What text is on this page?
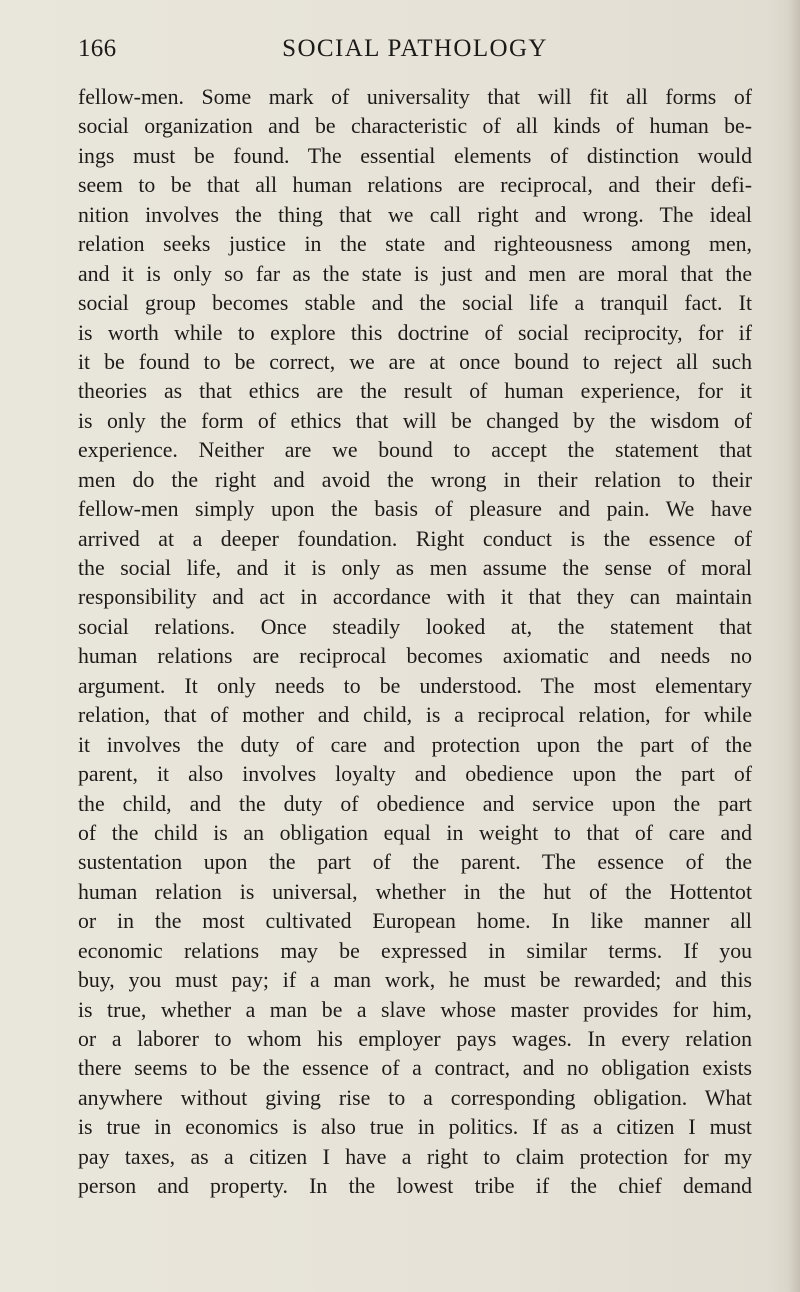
166	SOCIAL PATHOLOGY
fellow-men. Some mark of universality that will fit all forms of
social organization and be characteristic of all kinds of human be-
ings must be found. The essential elements of distinction would
seem to be that all human relations are reciprocal, and their defi-
nition involves the thing that we call right and wrong. The ideal
relation seeks justice in the state and righteousness among men,
and it is only so far as the state is just and men are moral that the
social group becomes stable and the social life a tranquil fact. It
is worth while to explore this doctrine of social reciprocity, for if
it be found to be correct, we are at once bound to reject all such
theories as that ethics are the result of human experience, for it
is only the form of ethics that will be changed by the wisdom of
experience. Neither are we bound to accept the statement that
men do the right and avoid the wrong in their relation to their
fellow-men simply upon the basis of pleasure and pain. We have
arrived at a deeper foundation. Right conduct is the essence of
the social life, and it is only as men assume the sense of moral
responsibility and act in accordance with it that they can maintain
social relations. Once steadily looked at, the statement that
human relations are reciprocal becomes axiomatic and needs no
argument. It only needs to be understood. The most elementary
relation, that of mother and child, is a reciprocal relation, for while
it involves the duty of care and protection upon the part of the
parent, it also involves loyalty and obedience upon the part of
the child, and the duty of obedience and service upon the part
of the child is an obligation equal in weight to that of care and
sustentation upon the part of the parent. The essence of the
human relation is universal, whether in the hut of the Hottentot
or in the most cultivated European home. In like manner all
economic relations may be expressed in similar terms. If you
buy, you must pay; if a man work, he must be rewarded; and this
is true, whether a man be a slave whose master provides for him,
or a laborer to whom his employer pays wages. In every relation
there seems to be the essence of a contract, and no obligation exists
anywhere without giving rise to a corresponding obligation. What
is true in economics is also true in politics. If as a citizen I must
pay taxes, as a citizen I have a right to claim protection for my
person and property. In the lowest tribe if the chief demand
